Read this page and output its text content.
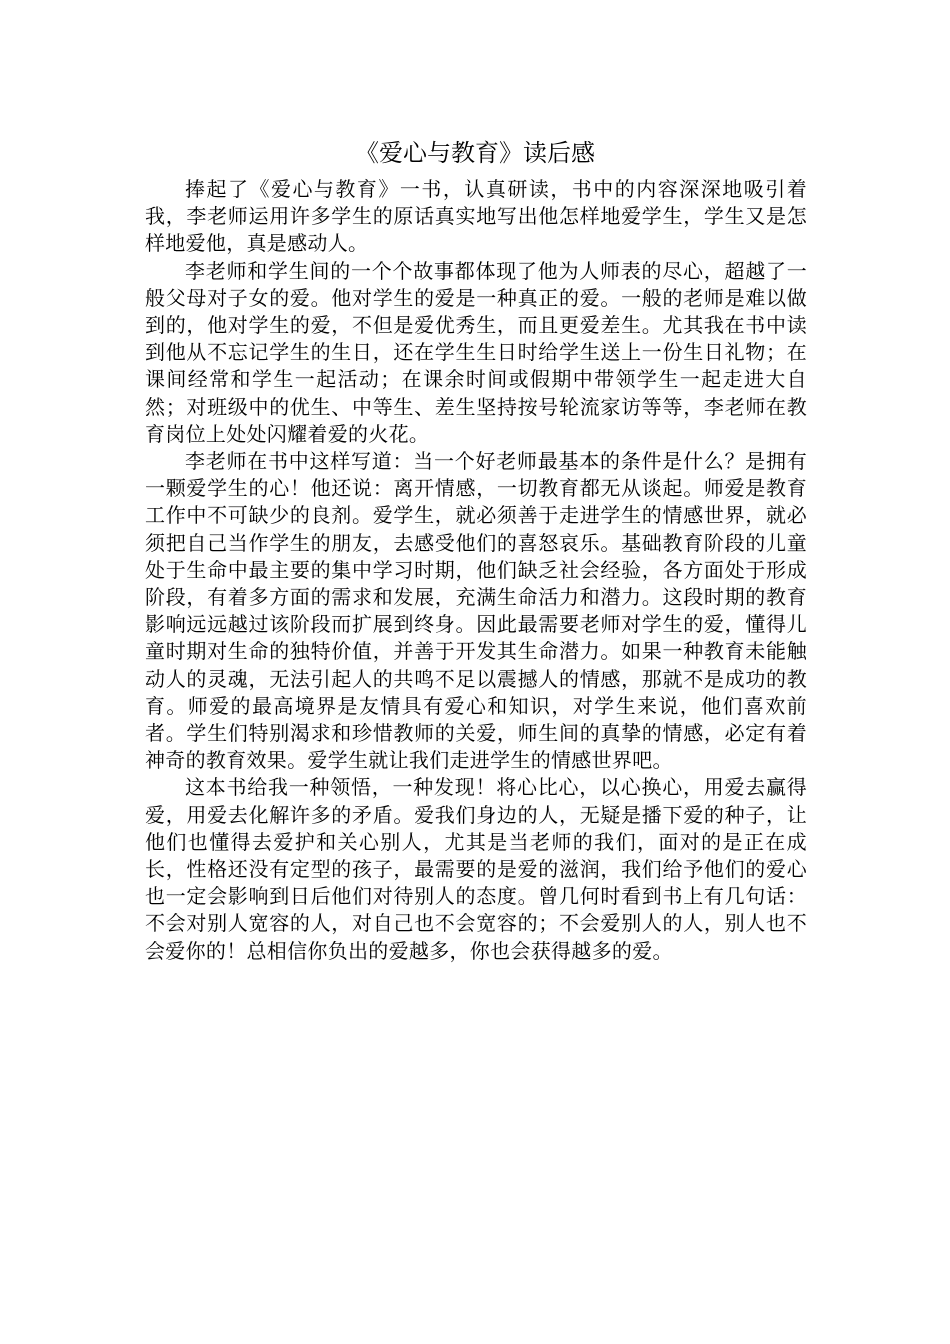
《爱心与教育》读后感

捧起了《爱心与教育》一书，认真研读，书中的内容深深地吸引着我，李老师运用许多学生的原话真实地写出他怎样地爱学生，学生又是怎样地爱他，真是感动人。

李老师和学生间的一个个故事都体现了他为人师表的尽心，超越了一般父母对子女的爱。他对学生的爱是一种真正的爱。一般的老师是难以做到的，他对学生的爱，不但是爱优秀生，而且更爱差生。尤其我在书中读到他从不忘记学生的生日，还在学生生日时给学生送上一份生日礼物；在课间经常和学生一起活动；在课余时间或假期中带领学生一起走进大自然；对班级中的优生、中等生、差生坚持按号轮流家访等等，李老师在教育岗位上处处闪耀着爱的火花。

李老师在书中这样写道：当一个好老师最基本的条件是什么？是拥有一颗爱学生的心！他还说：离开情感，一切教育都无从谈起。师爱是教育工作中不可缺少的良剂。爱学生，就必须善于走进学生的情感世界，就必须把自己当作学生的朋友，去感受他们的喜怒哀乐。基础教育阶段的儿童处于生命中最主要的集中学习时期，他们缺乏社会经验，各方面处于形成阶段，有着多方面的需求和发展，充满生命活力和潜力。这段时期的教育影响远远越过该阶段而扩展到终身。因此最需要老师对学生的爱，懂得儿童时期对生命的独特价值，并善于开发其生命潜力。如果一种教育未能触动人的灵魂，无法引起人的共鸣不足以震撼人的情感，那就不是成功的教育。师爱的最高境界是友情具有爱心和知识，对学生来说，他们喜欢前者。学生们特别渴求和珍惜教师的关爱，师生间的真挚的情感，必定有着神奇的教育效果。爱学生就让我们走进学生的情感世界吧。

这本书给我一种领悟，一种发现！将心比心，以心换心，用爱去赢得爱，用爱去化解许多的矛盾。爱我们身边的人，无疑是播下爱的种子，让他们也懂得去爱护和关心别人，尤其是当老师的我们，面对的是正在成长，性格还没有定型的孩子，最需要的是爱的滋润，我们给予他们的爱心也一定会影响到日后他们对待别人的态度。曾几何时看到书上有几句话：不会对别人宽容的人，对自己也不会宽容的；不会爱别人的人，别人也不会爱你的！总相信你负出的爱越多，你也会获得越多的爱。
